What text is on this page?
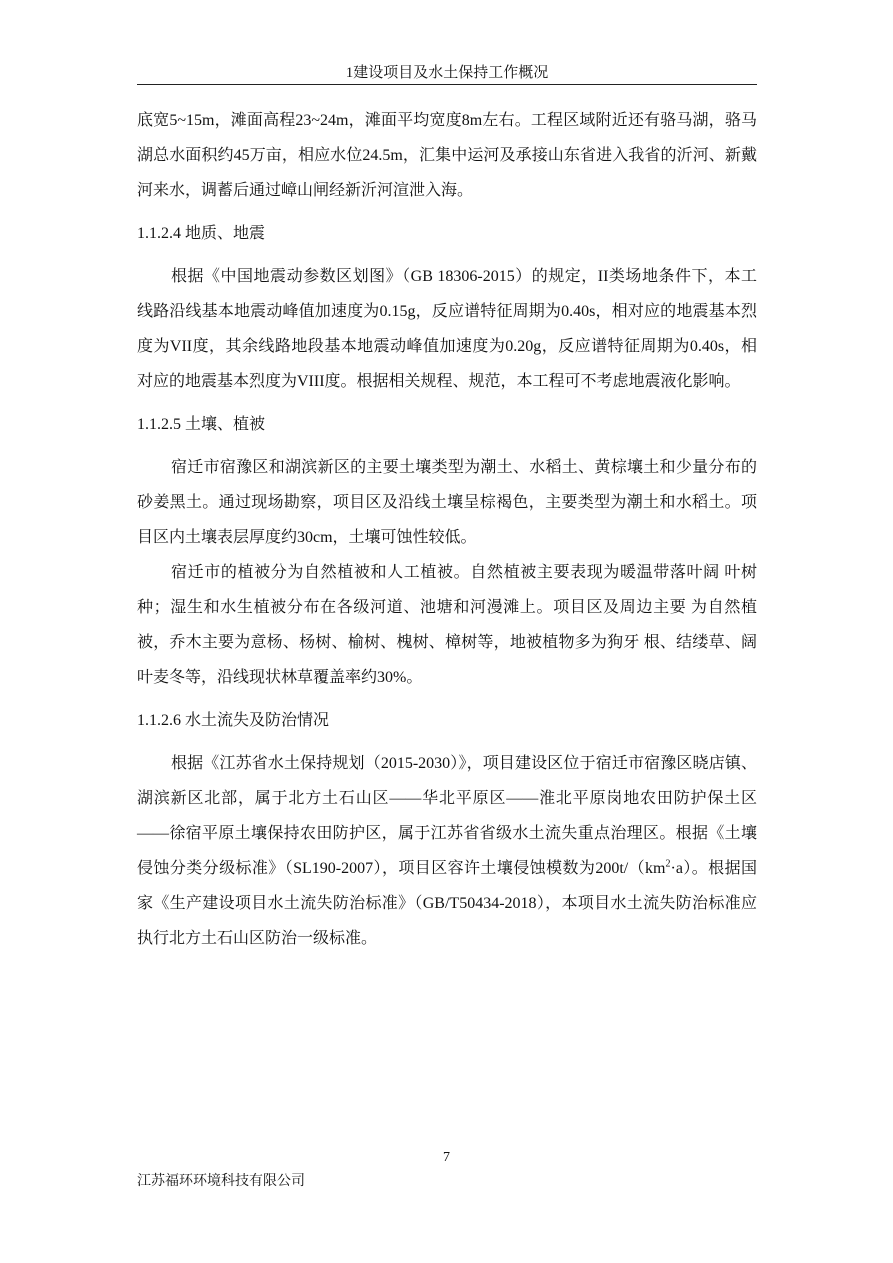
1建设项目及水土保持工作概况

底宽5~15m，滩面高程23~24m，滩面平均宽度8m左右。工程区域附近还有骆马湖，骆马湖总水面积约45万亩，相应水位24.5m，汇集中运河及承接山东省进入我省的沂河、新戴河来水，调蓄后通过嶂山闸经新沂河渲泄入海。

1.1.2.4 地质、地震

根据《中国地震动参数区划图》（GB 18306-2015）的规定，II类场地条件下，本工线路沿线基本地震动峰值加速度为0.15g，反应谱特征周期为0.40s，相对应的地震基本烈度为VII度，其余线路地段基本地震动峰值加速度为0.20g，反应谱特征周期为0.40s，相对应的地震基本烈度为VIII度。根据相关规程、规范，本工程可不考虑地震液化影响。

1.1.2.5 土壤、植被

宿迁市宿豫区和湖滨新区的主要土壤类型为潮土、水稻土、黄棕壤土和少量分布的砂姜黑土。通过现场勘察，项目区及沿线土壤呈棕褐色，主要类型为潮土和水稻土。项目区内土壤表层厚度约30cm，土壤可蚀性较低。

宿迁市的植被分为自然植被和人工植被。自然植被主要表现为暖温带落叶阔 叶树种；湿生和水生植被分布在各级河道、池塘和河漫滩上。项目区及周边主要 为自然植被，乔木主要为意杨、杨树、榆树、槐树、樟树等，地被植物多为狗牙 根、结缕草、阔叶麦冬等，沿线现状林草覆盖率约30%。

1.1.2.6 水土流失及防治情况

根据《江苏省水土保持规划（2015-2030）》，项目建设区位于宿迁市宿豫区晓店镇、湖滨新区北部，属于北方土石山区——华北平原区——淮北平原岗地农田防护保土区——徐宿平原土壤保持农田防护区，属于江苏省省级水土流失重点治理区。根据《土壤侵蚀分类分级标准》（SL190-2007），项目区容许土壤侵蚀模数为$200t/(km^2\cdot a)$。根据国家《生产建设项目水土流失防治标准》（GB/T50434-2018），本项目水土流失防治标准应执行北方土石山区防治一级标准。

7
江苏福环环境科技有限公司
